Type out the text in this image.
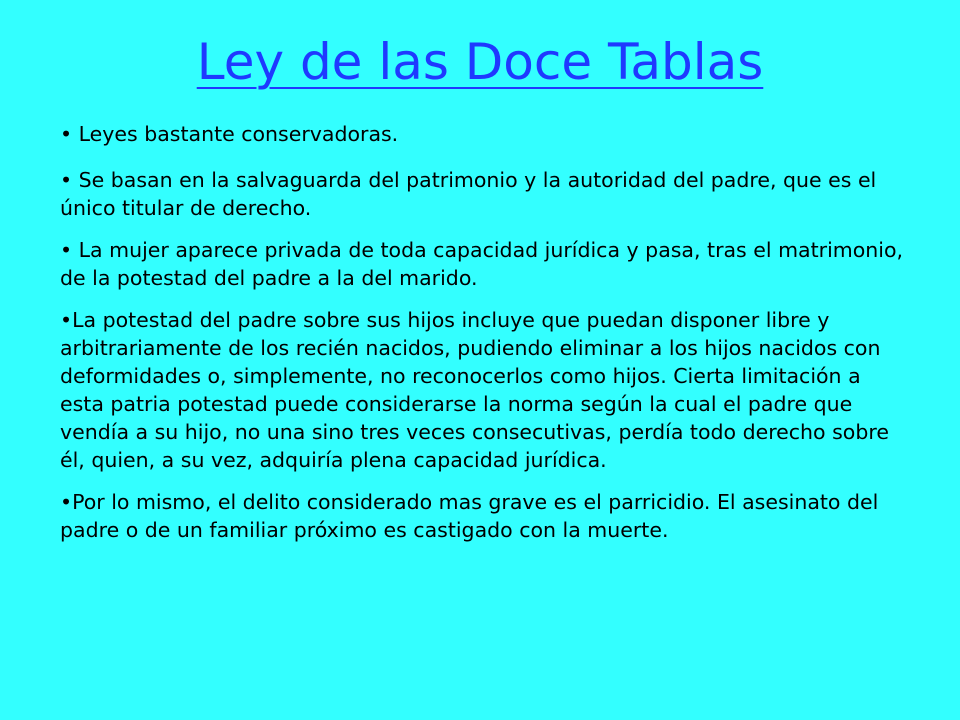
Ley de las Doce Tablas

• Leyes bastante conservadoras.

• Se basan en la salvaguarda del patrimonio y la autoridad del padre, que es el único titular de derecho.

• La mujer aparece privada de toda capacidad jurídica y pasa, tras el matrimonio, de la potestad del padre a la del marido.

•La potestad del padre sobre sus hijos incluye que puedan disponer libre y arbitrariamente de los recién nacidos, pudiendo eliminar a los hijos nacidos con deformidades o, simplemente, no reconocerlos como hijos. Cierta limitación a esta patria potestad puede considerarse la norma según la cual el padre que vendía a su hijo, no una sino tres veces consecutivas, perdía todo derecho sobre él, quien, a su vez, adquiría plena capacidad jurídica.

•Por lo mismo, el delito considerado mas grave es el parricidio. El asesinato del padre o de un familiar próximo es castigado con la muerte.
